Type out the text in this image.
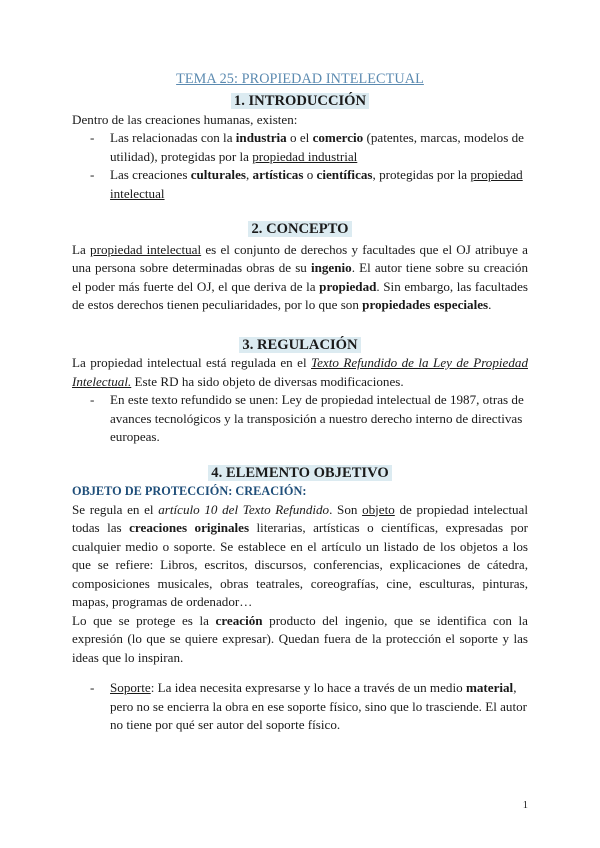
TEMA 25: PROPIEDAD INTELECTUAL

1. INTRODUCCIÓN

Dentro de las creaciones humanas, existen:

- Las relacionadas con la industria o el comercio (patentes, marcas, modelos de utilidad), protegidas por la propiedad industrial
- Las creaciones culturales, artísticas o científicas, protegidas por la propiedad intelectual
2. CONCEPTO

La propiedad intelectual es el conjunto de derechos y facultades que el OJ atribuye a una persona sobre determinadas obras de su ingenio. El autor tiene sobre su creación el poder más fuerte del OJ, el que deriva de la propiedad. Sin embargo, las facultades de estos derechos tienen peculiaridades, por lo que son propiedades especiales.

3. REGULACIÓN

La propiedad intelectual está regulada en el Texto Refundido de la Ley de Propiedad Intelectual. Este RD ha sido objeto de diversas modificaciones.

- En este texto refundido se unen: Ley de propiedad intelectual de 1987, otras de avances tecnológicos y la transposición a nuestro derecho interno de directivas europeas.
4. ELEMENTO OBJETIVO

OBJETO DE PROTECCIÓN: CREACIÓN:

Se regula en el artículo 10 del Texto Refundido. Son objeto de propiedad intelectual todas las creaciones originales literarias, artísticas o científicas, expresadas por cualquier medio o soporte. Se establece en el artículo un listado de los objetos a los que se refiere: Libros, escritos, discursos, conferencias, explicaciones de cátedra, composiciones musicales, obras teatrales, coreografías, cine, esculturas, pinturas, mapas, programas de ordenador…

Lo que se protege es la creación producto del ingenio, que se identifica con la expresión (lo que se quiere expresar). Quedan fuera de la protección el soporte y las ideas que lo inspiran.

- Soporte: La idea necesita expresarse y lo hace a través de un medio material, pero no se encierra la obra en ese soporte físico, sino que lo trasciende. El autor no tiene por qué ser autor del soporte físico.
1
